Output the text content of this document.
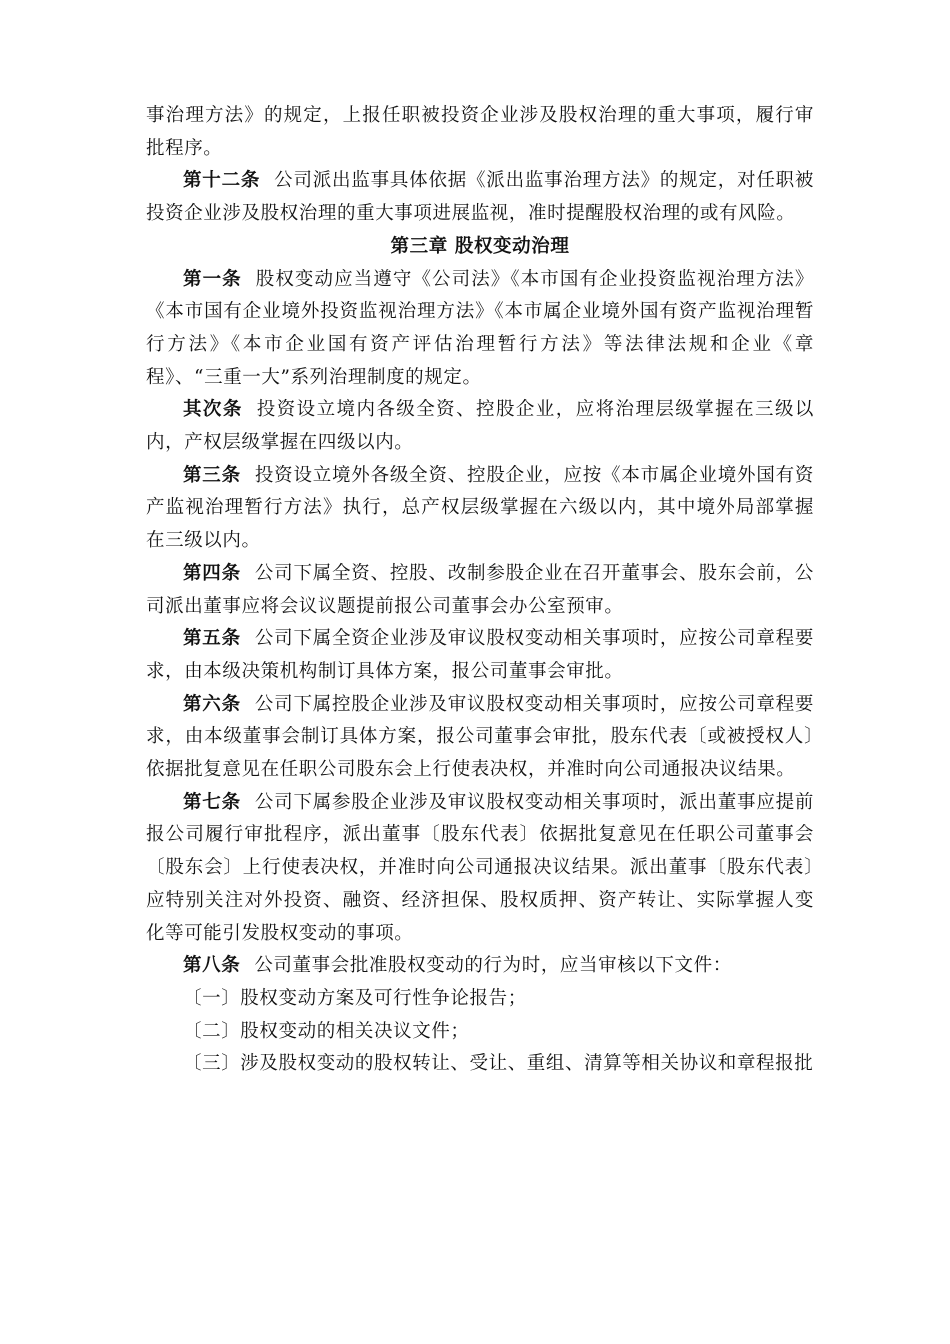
事治理方法》的规定，上报任职被投资企业涉及股权治理的重大事项，履行审批程序。

第十二条 公司派出监事具体依据《派出监事治理方法》的规定，对任职被投资企业涉及股权治理的重大事项进展监视，准时提醒股权治理的或有风险。

第三章 股权变动治理

第一条 股权变动应当遵守《公司法》《本市国有企业投资监视治理方法》《本市国有企业境外投资监视治理方法》《本市属企业境外国有资产监视治理暂行方法》《本市企业国有资产评估治理暂行方法》等法律法规和企业《章程》、“三重一大”系列治理制度的规定。

其次条 投资设立境内各级全资、控股企业，应将治理层级掌握在三级以内，产权层级掌握在四级以内。

第三条 投资设立境外各级全资、控股企业，应按《本市属企业境外国有资产监视治理暂行方法》执行，总产权层级掌握在六级以内，其中境外局部掌握在三级以内。

第四条 公司下属全资、控股、改制参股企业在召开董事会、股东会前，公司派出董事应将会议议题提前报公司董事会办公室预审。

第五条 公司下属全资企业涉及审议股权变动相关事项时，应按公司章程要求，由本级决策机构制订具体方案，报公司董事会审批。

第六条 公司下属控股企业涉及审议股权变动相关事项时，应按公司章程要求，由本级董事会制订具体方案，报公司董事会审批，股东代表〔或被授权人〕依据批复意见在任职公司股东会上行使表决权，并准时向公司通报决议结果。

第七条 公司下属参股企业涉及审议股权变动相关事项时，派出董事应提前报公司履行审批程序，派出董事〔股东代表〕依据批复意见在任职公司董事会〔股东会〕上行使表决权，并准时向公司通报决议结果。派出董事〔股东代表〕应特别关注对外投资、融资、经济担保、股权质押、资产转让、实际掌握人变化等可能引发股权变动的事项。

第八条 公司董事会批准股权变动的行为时，应当审核以下文件：

〔一〕股权变动方案及可行性争论报告；

〔二〕股权变动的相关决议文件；

〔三〕涉及股权变动的股权转让、受让、重组、清算等相关协议和章程报批
